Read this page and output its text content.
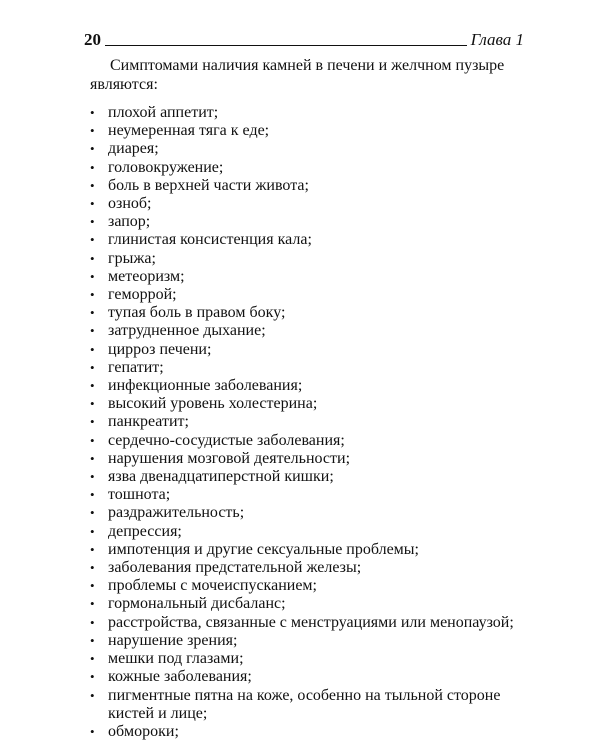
20	Глава 1

Симптомами наличия камней в печени и желчном пузыре являются:

• плохой аппетит;
• неумеренная тяга к еде;
• диарея;
• головокружение;
• боль в верхней части живота;
• озноб;
• запор;
• глинистая консистенция кала;
• грыжа;
• метеоризм;
• геморрой;
• тупая боль в правом боку;
• затрудненное дыхание;
• цирроз печени;
• гепатит;
• инфекционные заболевания;
• высокий уровень холестерина;
• панкреатит;
• сердечно-сосудистые заболевания;
• нарушения мозговой деятельности;
• язва двенадцатиперстной кишки;
• тошнота;
• раздражительность;
• депрессия;
• импотенция и другие сексуальные проблемы;
• заболевания предстательной железы;
• проблемы с мочеиспусканием;
• гормональный дисбаланс;
• расстройства, связанные с менструациями или менопаузой;
• нарушение зрения;
• мешки под глазами;
• кожные заболевания;
• пигментные пятна на коже, особенно на тыльной стороне кистей и лице;
• обмороки;
